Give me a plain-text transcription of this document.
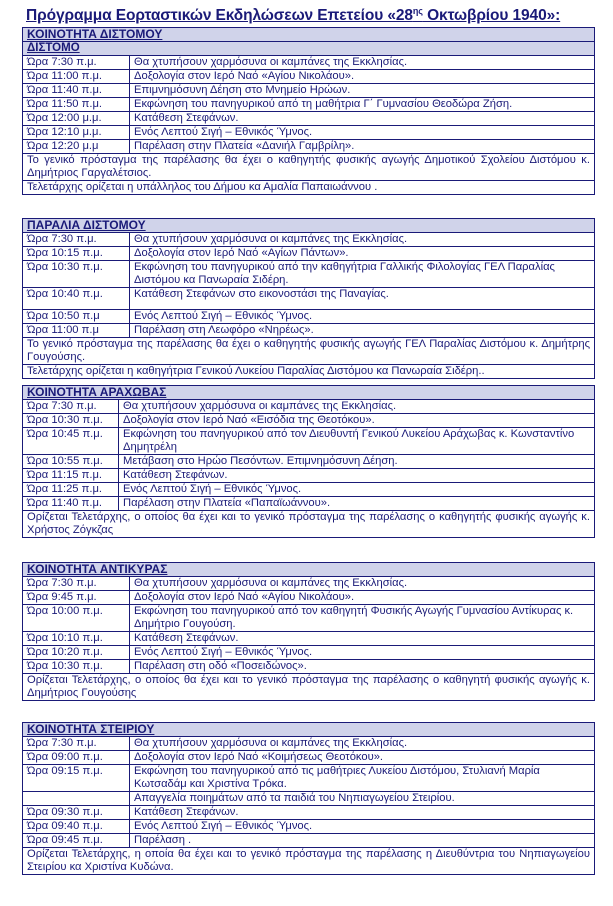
Πρόγραμμα Εορταστικών Εκδηλώσεων Επετείου «$28^{\eta\varsigma}$ Οκτωβρίου 1940»:
ΚΟΙΝΟΤΗΤΑ ΔΙΣΤΟΜΟΥ	
ΔΙΣΤΟΜΟ	
Ώρα 7:30 π.μ.	Θα χτυπήσουν χαρμόσυνα οι καμπάνες της Εκκλησίας.
Ώρα 11:00 π.μ.	Δοξολογία στον Ιερό Ναό «Αγίου Νικολάου».
Ώρα 11:40 π.μ.	Επιμνημόσυνη Δέηση στο Μνημείο Ηρώων.
Ώρα 11:50 π.μ.	Εκφώνηση του πανηγυρικού από τη μαθήτρια Γ΄ Γυμνασίου Θεοδώρα Ζήση.
Ώρα 12:00 μ.μ.	Κατάθεση Στεφάνων.
Ώρα 12:10 μ.μ.	Ενός Λεπτού Σιγή – Εθνικός Ύμνος.
Ώρα 12:20 μ.μ	Παρέλαση στην Πλατεία «Δανιήλ Γαμβρίλη».
Το γενικό πρόσταγμα της παρέλασης θα έχει ο καθηγητής φυσικής αγωγής Δημοτικού Σχολείου Διστόμου κ. Δημήτριος Γαργαλέτσιος.	
Τελετάρχης ορίζεται η υπάλληλος του Δήμου κα Αμαλία Παπαιωάννου .	
ΠΑΡΑΛΙΑ ΔΙΣΤΟΜΟΥ	
Ώρα 7:30 π.μ.	Θα χτυπήσουν χαρμόσυνα οι καμπάνες της Εκκλησίας.
Ώρα 10:15 π.μ.	Δοξολογία στον Ιερό Ναό «Αγίων Πάντων».
Ώρα 10:30 π.μ.	Εκφώνηση του πανηγυρικού από την καθηγήτρια Γαλλικής Φιλολογίας ΓΕΛ Παραλίας Διστόμου κα Πανωραία Σιδέρη.
Ώρα 10:40 π.μ.	Κατάθεση Στεφάνων στο εικονοστάσι της Παναγίας.
Ώρα 10:50 π.μ	Ενός Λεπτού Σιγή – Εθνικός Ύμνος.
Ώρα 11:00 π.μ	Παρέλαση στη Λεωφόρο «Νηρέως».
Το γενικό πρόσταγμα της παρέλασης θα έχει ο καθηγητής φυσικής αγωγής ΓΕΛ Παραλίας Διστόμου κ. Δημήτρης Γουγούσης.	
Τελετάρχης ορίζεται η καθηγήτρια Γενικού Λυκείου Παραλίας Διστόμου κα Πανωραία Σιδέρη..	
ΚΟΙΝΟΤΗΤΑ ΑΡΑΧΩΒΑΣ	
Ώρα 7:30 π.μ.	Θα χτυπήσουν χαρμόσυνα οι καμπάνες της Εκκλησίας.
Ώρα 10:30 π.μ.	Δοξολογία στον Ιερό Ναό «Εισόδια της Θεοτόκου».
Ώρα 10:45 π.μ.	Εκφώνηση του πανηγυρικού από τον Διευθυντή Γενικού Λυκείου Αράχωβας κ. Κωνσταντίνο Δημητρέλη
Ώρα 10:55 π.μ.	Μετάβαση στο Ηρώο Πεσόντων. Επιμνημόσυνη Δέηση.
Ώρα 11:15 π.μ.	Κατάθεση Στεφάνων.
Ώρα 11:25 π.μ.	Ενός Λεπτού Σιγή – Εθνικός Ύμνος.
Ώρα 11:40 π.μ.	Παρέλαση στην Πλατεία «Παπαϊωάννου».
Ορίζεται Τελετάρχης, ο οποίος θα έχει και το γενικό πρόσταγμα της παρέλασης ο καθηγητής φυσικής αγωγής κ. Χρήστος Ζόγκζας	
ΚΟΙΝΟΤΗΤΑ ΑΝΤΙΚΥΡΑΣ	
Ώρα 7:30 π.μ.	Θα χτυπήσουν χαρμόσυνα οι καμπάνες της Εκκλησίας.
Ώρα 9:45 π.μ.	Δοξολογία στον Ιερό Ναό «Αγίου Νικολάου».
Ώρα 10:00 π.μ.	Εκφώνηση του πανηγυρικού από τον καθηγητή Φυσικής Αγωγής Γυμνασίου Αντίκυρας κ. Δημήτριο Γουγούση.
Ώρα 10:10 π.μ.	Κατάθεση Στεφάνων.
Ώρα 10:20 π.μ.	Ενός Λεπτού Σιγή – Εθνικός Ύμνος.
Ώρα 10:30 π.μ.	Παρέλαση στη οδό «Ποσειδώνος».
Ορίζεται Τελετάρχης, ο οποίος θα έχει και το γενικό πρόσταγμα της παρέλασης ο καθηγητή φυσικής αγωγής κ. Δημήτριος Γουγούσης	
ΚΟΙΝΟΤΗΤΑ ΣΤΕΙΡΙΟΥ	
Ώρα 7:30 π.μ.	Θα χτυπήσουν χαρμόσυνα οι καμπάνες της Εκκλησίας.
Ώρα 09:00 π.μ.	Δοξολογία στον Ιερό Ναό «Κοιμήσεως Θεοτόκου».
Ώρα 09:15 π.μ.	Εκφώνηση του πανηγυρικού από τις μαθήτριες Λυκείου Διστόμου, Στυλιανή Μαρία Κωτσαδάμ και Χριστίνα Τρόκα.
	Απαγγελία ποιημάτων από τα παιδιά του Νηπιαγωγείου Στειρίου.
Ώρα 09:30 π.μ.	Κατάθεση Στεφάνων.
Ώρα 09:40 π.μ.	Ενός Λεπτού Σιγή – Εθνικός Ύμνος.
Ώρα 09:45 π.μ.	Παρέλαση .
Ορίζεται Τελετάρχης, η οποία θα έχει και το γενικό πρόσταγμα της παρέλασης η Διευθύντρια του Νηπιαγωγείου Στειρίου κα Χριστίνα Κυδώνα.	
